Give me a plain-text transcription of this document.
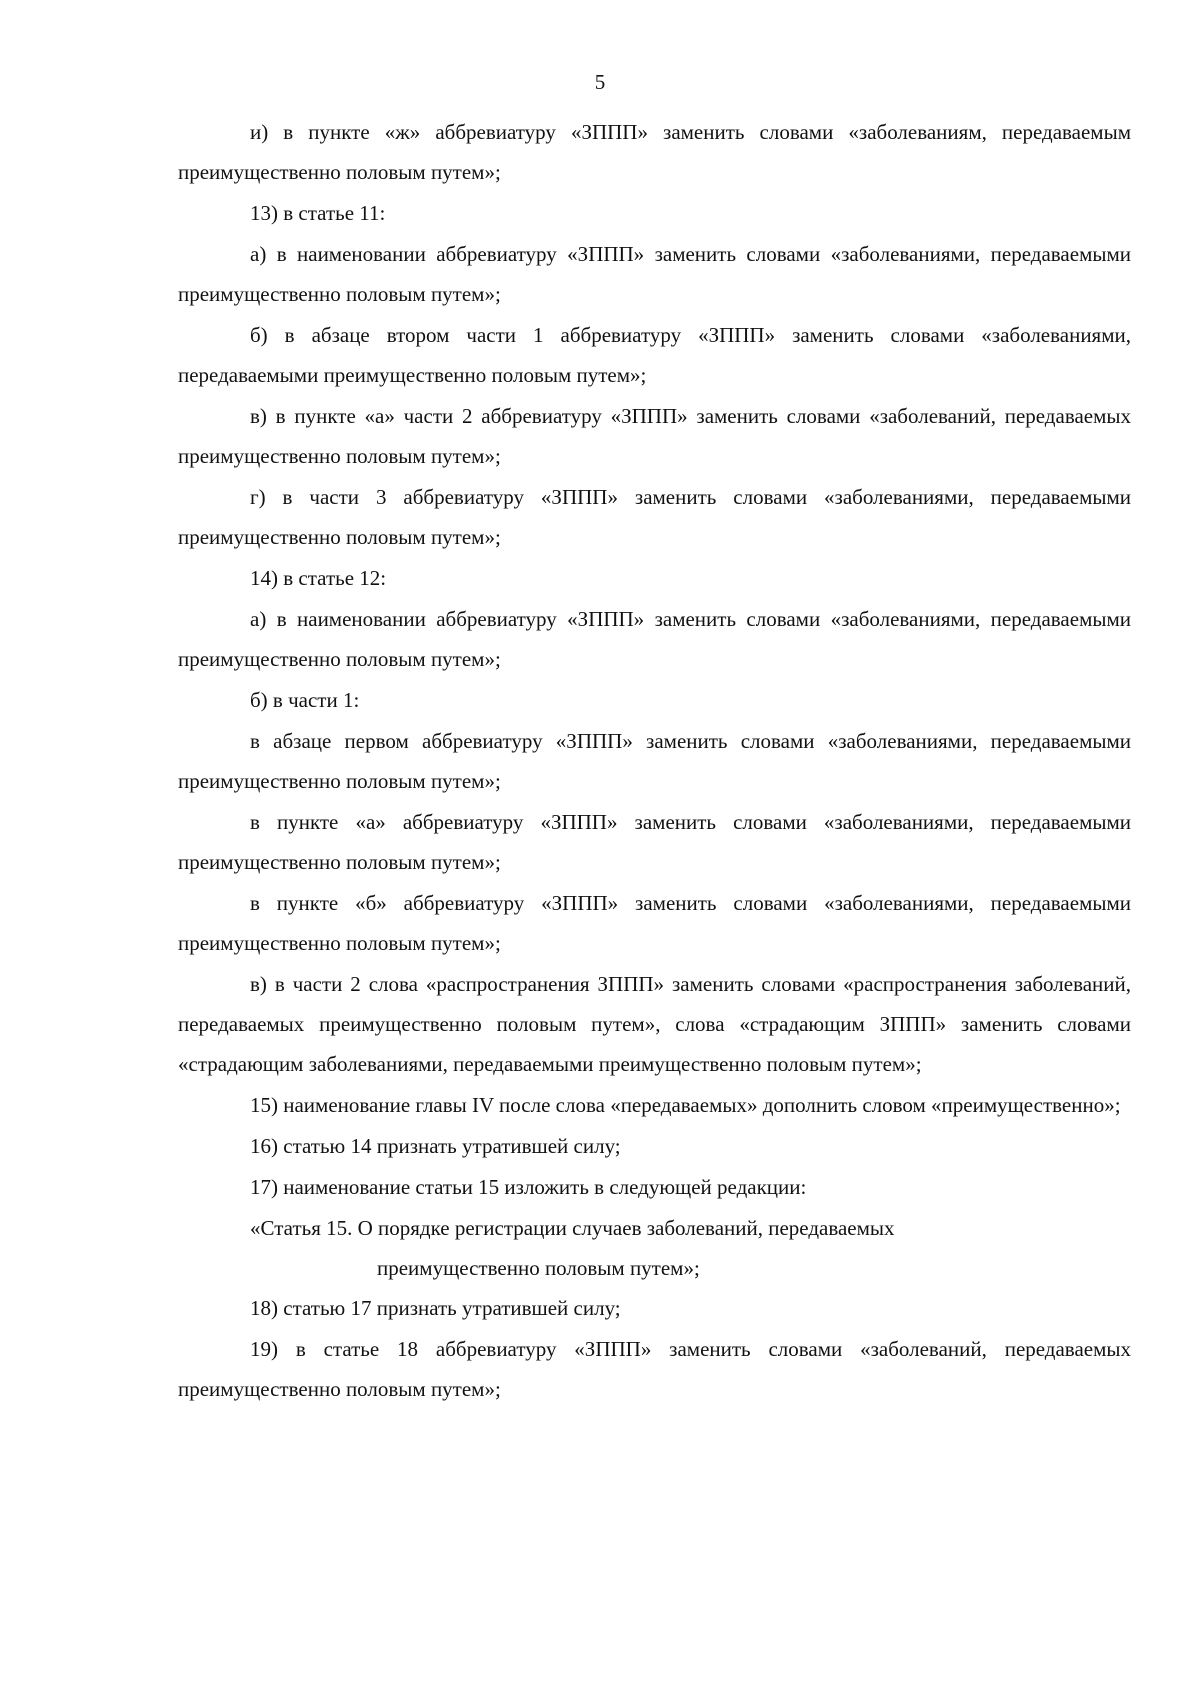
5

и) в пункте «ж» аббревиатуру «ЗППП» заменить словами «заболеваниям, передаваемым преимущественно половым путем»;

13) в статье 11:

а) в наименовании аббревиатуру «ЗППП» заменить словами «заболеваниями, передаваемыми преимущественно половым путем»;

б) в абзаце втором части 1 аббревиатуру «ЗППП» заменить словами «заболеваниями, передаваемыми преимущественно половым путем»;

в) в пункте «а» части 2 аббревиатуру «ЗППП» заменить словами «заболеваний, передаваемых преимущественно половым путем»;

г) в части 3 аббревиатуру «ЗППП» заменить словами «заболеваниями, передаваемыми преимущественно половым путем»;

14) в статье 12:

а) в наименовании аббревиатуру «ЗППП» заменить словами «заболеваниями, передаваемыми преимущественно половым путем»;

б) в части 1:

в абзаце первом аббревиатуру «ЗППП» заменить словами «заболеваниями, передаваемыми преимущественно половым путем»;

в пункте «а» аббревиатуру «ЗППП» заменить словами «заболеваниями, передаваемыми преимущественно половым путем»;

в пункте «б» аббревиатуру «ЗППП» заменить словами «заболеваниями, передаваемыми преимущественно половым путем»;

в) в части 2 слова «распространения ЗППП» заменить словами «распространения заболеваний, передаваемых преимущественно половым путем», слова «страдающим ЗППП» заменить словами «страдающим заболеваниями, передаваемыми преимущественно половым путем»;

15) наименование главы IV после слова «передаваемых» дополнить словом «преимущественно»;

16) статью 14 признать утратившей силу;

17) наименование статьи 15 изложить в следующей редакции:

«Статья 15. О порядке регистрации случаев заболеваний, передаваемых

преимущественно половым путем»;

18) статью 17 признать утратившей силу;

19) в статье 18 аббревиатуру «ЗППП» заменить словами «заболеваний, передаваемых преимущественно половым путем»;
